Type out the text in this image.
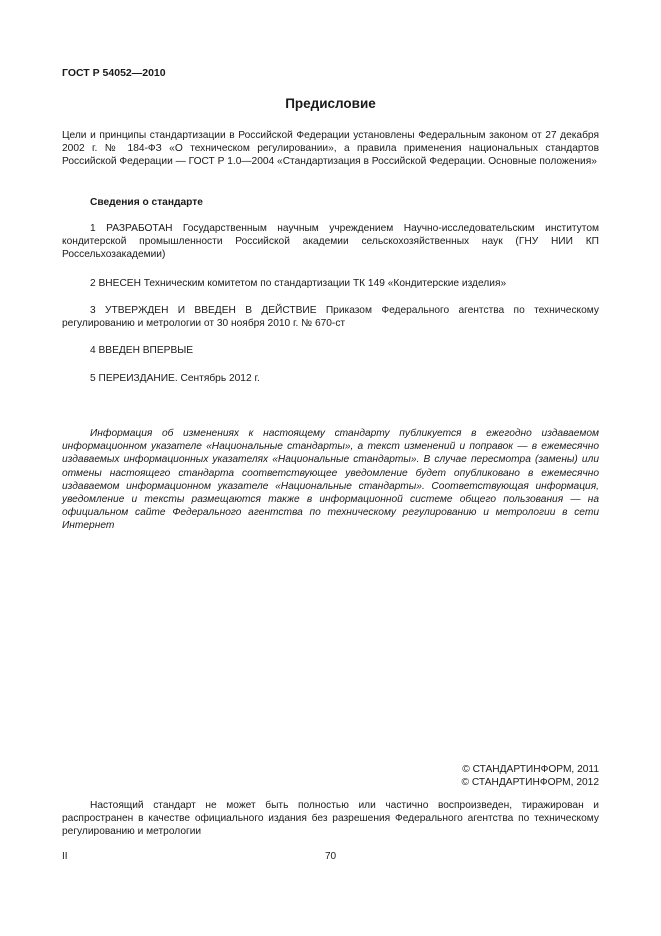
ГОСТ Р 54052—2010
Предисловие
Цели и принципы стандартизации в Российской Федерации установлены Федеральным законом от 27 декабря 2002 г. № 184-ФЗ «О техническом регулировании», а правила применения национальных стандартов Российской Федерации — ГОСТ Р 1.0—2004 «Стандартизация в Российской Федерации. Основные положения»
Сведения о стандарте
1 РАЗРАБОТАН Государственным научным учреждением Научно-исследовательским институтом кондитерской промышленности Российской академии сельскохозяйственных наук (ГНУ НИИ КП Россельхозакадемии)
2 ВНЕСЕН Техническим комитетом по стандартизации ТК 149 «Кондитерские изделия»
3 УТВЕРЖДЕН И ВВЕДЕН В ДЕЙСТВИЕ Приказом Федерального агентства по техническому регулированию и метрологии от 30 ноября 2010 г. № 670-ст
4 ВВЕДЕН ВПЕРВЫЕ
5 ПЕРЕИЗДАНИЕ. Сентябрь 2012 г.
Информация об изменениях к настоящему стандарту публикуется в ежегодно издаваемом информационном указателе «Национальные стандарты», а текст изменений и поправок — в ежемесячно издаваемых информационных указателях «Национальные стандарты». В случае пересмотра (замены) или отмены настоящего стандарта соответствующее уведомление будет опубликовано в ежемесячно издаваемом информационном указателе «Национальные стандарты». Соответствующая информация, уведомление и тексты размещаются также в информационной системе общего пользования — на официальном сайте Федерального агентства по техническому регулированию и метрологии в сети Интернет
© СТАНДАРТИНФОРМ, 2011
© СТАНДАРТИНФОРМ, 2012
Настоящий стандарт не может быть полностью или частично воспроизведен, тиражирован и распространен в качестве официального издания без разрешения Федерального агентства по техническому регулированию и метрологии
II	70
